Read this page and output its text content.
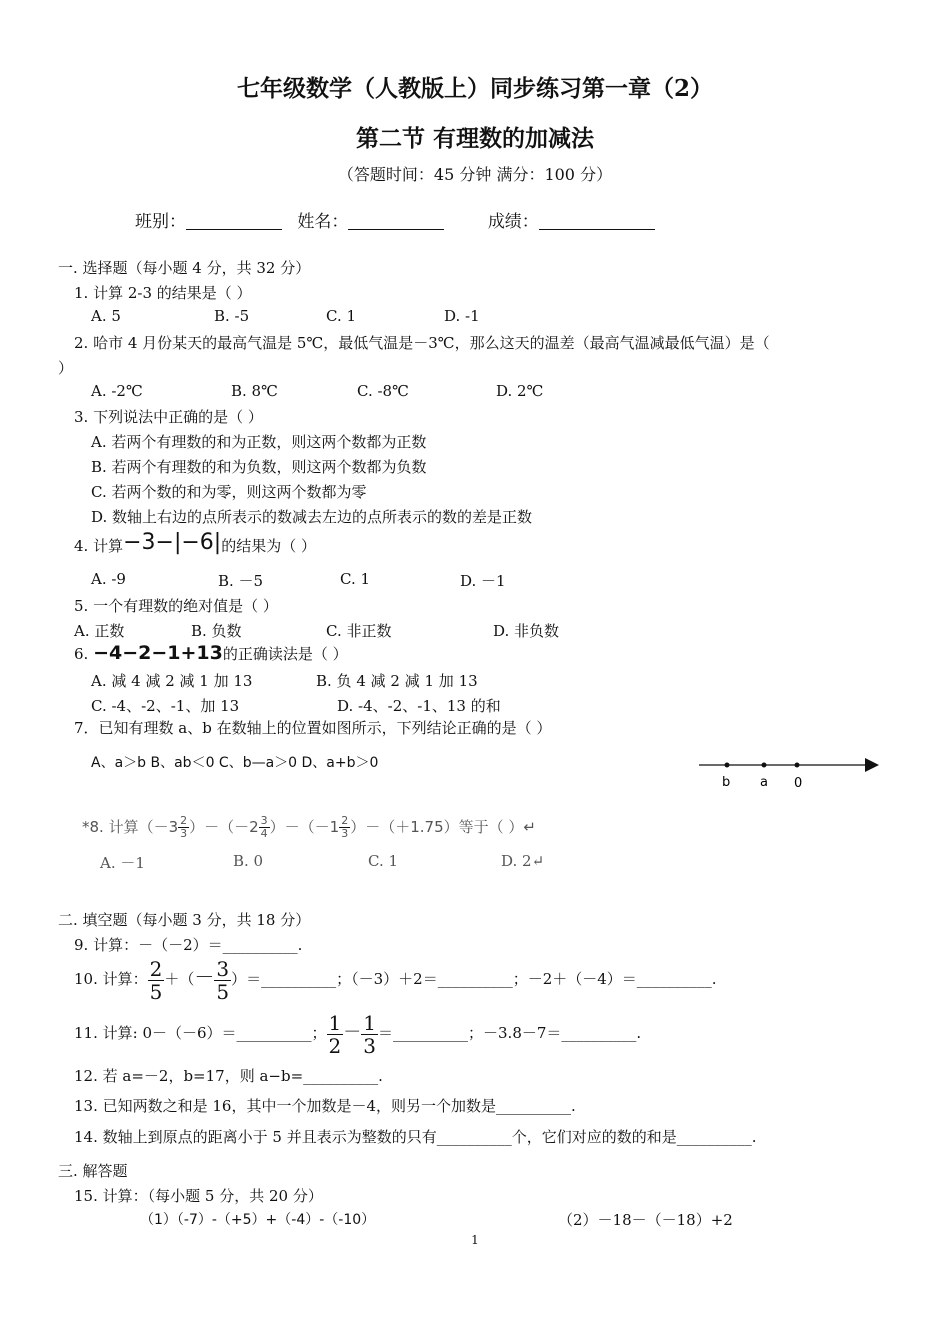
七年级数学（人教版上）同步练习第一章（2）
第二节 有理数的加减法
（答题时间：45 分钟 满分：100 分）
班别：	姓名：	成绩：
一. 选择题（每小题 4 分，共 32 分）
1. 计算 2-3 的结果是（ ）
A. 5	B. -5	C. 1	D. -1
2. 哈市 4 月份某天的最高气温是 5℃，最低气温是－3℃，那么这天的温差（最高气温减最低气温）是（
）
A. -2℃	B. 8℃	C. -8℃	D. 2℃
3. 下列说法中正确的是（ ）
A. 若两个有理数的和为正数，则这两个数都为正数
B. 若两个有理数的和为负数，则这两个数都为负数
C. 若两个数的和为零，则这两个数都为零
D. 数轴上右边的点所表示的数减去左边的点所表示的数的差是正数
4. 计算−3−|−6|的结果为（ ）
A. -9	B. －5	C. 1	D. －1
5. 一个有理数的绝对值是（ ）
A. 正数	B. 负数	C. 非正数	D. 非负数
6. −4−2−1+13的正确读法是（ ）
A. 减 4 减 2 减 1 加 13	B. 负 4 减 2 减 1 加 13
C. -4、-2、-1、加 13	D. -4、-2、-1、13 的和
7．已知有理数 a、b 在数轴上的位置如图所示，下列结论正确的是（ ）
A、a＞b B、ab＜0 C、b—a＞0 D、a+b＞0
b a 0
*8. 计算$(-3 \frac{2}{3} )-(-2 \frac{3}{4} )-(-1 \frac{2}{3} )-(+1.75)$等于（ ）↵
A. －1	B. 0	C. 1	D. 2↵
二. 填空题（每小题 3 分，共 18 分）
9. 计算：－（－2）＝__________.
10. 计算： $\frac{2}{5}$ ＋（－ $\frac{3}{5}$ ）＝__________；（－3）＋2＝__________；－2＋（－4）＝__________.
11. 计算: 0－（－6）＝__________； $\frac{1}{2} - \frac{1}{3}$ ＝__________；－3.8－7＝__________.
12. 若 a=－2，b=17，则 a−b=__________.
13. 已知两数之和是 16，其中一个加数是－4，则另一个加数是__________.
14. 数轴上到原点的距离小于 5 并且表示为整数的只有__________个，它们对应的数的和是__________.
三. 解答题
15. 计算：（每小题 5 分，共 20 分）
（1）（-7）-（+5）+（-4）-（-10）	（2）－18－（－18）+2
1
